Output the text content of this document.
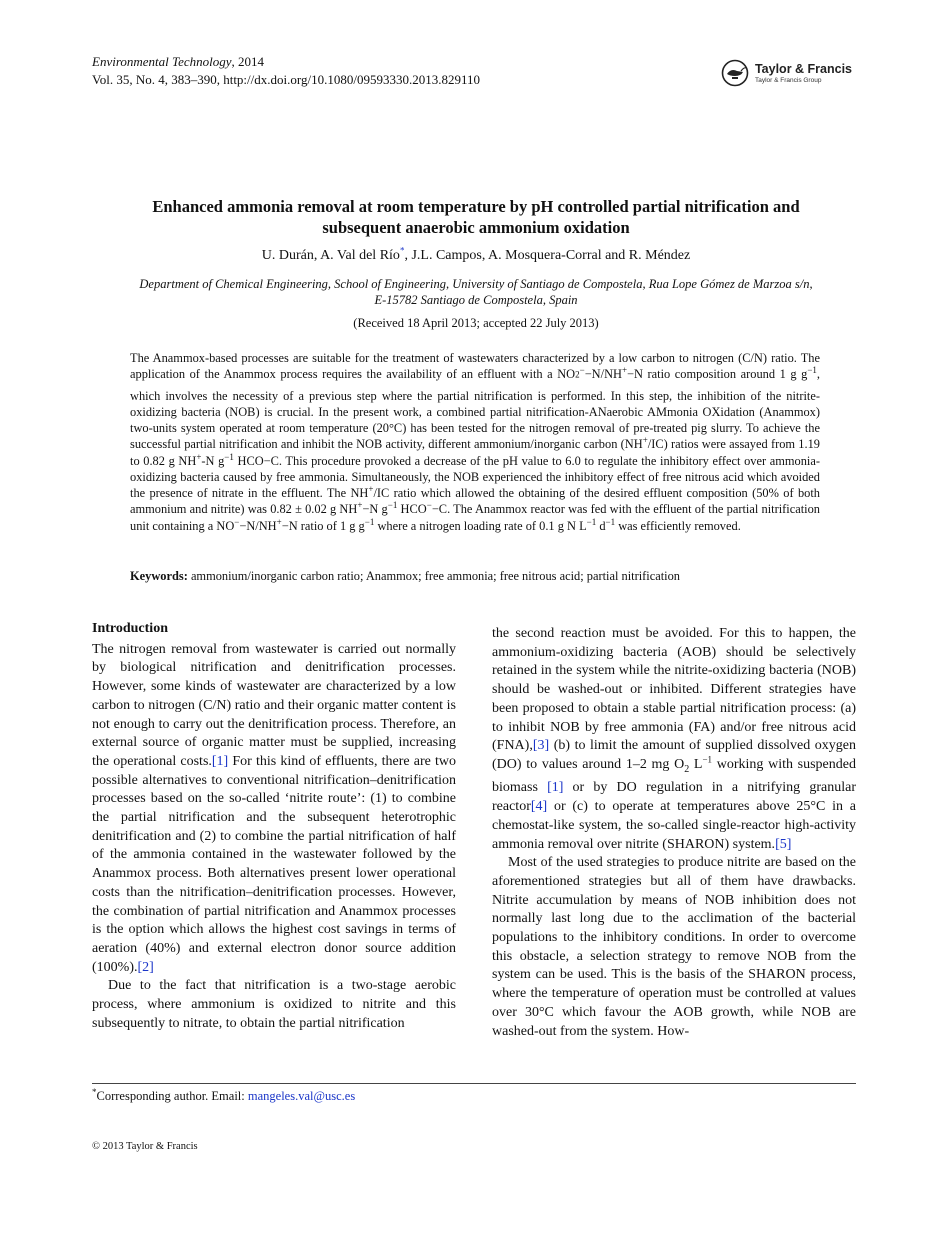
Environmental Technology, 2014
Vol. 35, No. 4, 383–390, http://dx.doi.org/10.1080/09593330.2013.829110
Taylor & Francis
Taylor & Francis Group
Enhanced ammonia removal at room temperature by pH controlled partial nitrification and
subsequent anaerobic ammonium oxidation
U. Durán, A. Val del Río*, J.L. Campos, A. Mosquera-Corral and R. Méndez
Department of Chemical Engineering, School of Engineering, University of Santiago de Compostela, Rua Lope Gómez de Marzoa s/n,
E-15782 Santiago de Compostela, Spain
(Received 18 April 2013; accepted 22 July 2013)
The Anammox-based processes are suitable for the treatment of wastewaters characterized by a low carbon to nitrogen (C/N) ratio. The application of the Anammox process requires the availability of an effluent with a $NO_2^--N/NH^+-N$ ratio composition around 1 g $g^{-1}$, which involves the necessity of a previous step where the partial nitrification is performed. In this step, the inhibition of the nitrite-oxidizing bacteria (NOB) is crucial. In the present work, a combined partial nitrification-ANaerobic AMmonia OXidation (Anammox) two-units system operated at room temperature (20°C) has been tested for the nitrogen removal of pre-treated pig slurry. To achieve the successful partial nitrification and inhibit the NOB activity, different ammonium/inorganic carbon (NH+/IC) ratios were assayed from 1.19 to 0.82 g NH+-N $g^{-1}$ HCO−C. This procedure provoked a decrease of the pH value to 6.0 to regulate the inhibitory effect over ammonia-oxidizing bacteria caused by free ammonia. Simultaneously, the NOB experienced the inhibitory effect of free nitrous acid which avoided the presence of nitrate in the effluent. The NH+/IC ratio which allowed the obtaining of the desired effluent composition (50% of both ammonium and nitrite) was 0.82 ± 0.02 g NH+−N $g^{-1}$ HCO−−C. The Anammox reactor was fed with the effluent of the partial nitrification unit containing a NO−−N/NH+−N ratio of 1 g $g^{-1}$ where a nitrogen loading rate of 0.1 g N $L^{-1}$ $d^{-1}$ was efficiently removed.
Keywords: ammonium/inorganic carbon ratio; Anammox; free ammonia; free nitrous acid; partial nitrification
Introduction

The nitrogen removal from wastewater is carried out normally by biological nitrification and denitrification processes. However, some kinds of wastewater are characterized by a low carbon to nitrogen (C/N) ratio and their organic matter content is not enough to carry out the denitrification process. Therefore, an external source of organic matter must be supplied, increasing the operational costs.[1] For this kind of effluents, there are two possible alternatives to conventional nitrification–denitrification processes based on the so-called ‘nitrite route’: (1) to combine the partial nitrification and the subsequent heterotrophic denitrification and (2) to combine the partial nitrification of half of the ammonia contained in the wastewater followed by the Anammox process. Both alternatives present lower operational costs than the nitrification–denitrification processes. However, the combination of partial nitrification and Anammox processes is the option which allows the highest cost savings in terms of aeration (40%) and external electron donor source addition (100%).[2]

Due to the fact that nitrification is a two-stage aerobic process, where ammonium is oxidized to nitrite and this subsequently to nitrate, to obtain the partial nitrification

the second reaction must be avoided. For this to happen, the ammonium-oxidizing bacteria (AOB) should be selectively retained in the system while the nitrite-oxidizing bacteria (NOB) should be washed-out or inhibited. Different strategies have been proposed to obtain a stable partial nitrification process: (a) to inhibit NOB by free ammonia (FA) and/or free nitrous acid (FNA),[3] (b) to limit the amount of supplied dissolved oxygen (DO) to values around 1–2 mg $O_2$ $L^{-1}$ working with suspended biomass [1] or by DO regulation in a nitrifying granular reactor[4] or (c) to operate at temperatures above 25°C in a chemostat-like system, the so-called single-reactor high-activity ammonia removal over nitrite (SHARON) system.[5]

Most of the used strategies to produce nitrite are based on the aforementioned strategies but all of them have drawbacks. Nitrite accumulation by means of NOB inhibition does not normally last long due to the acclimation of the bacterial populations to the inhibitory conditions. In order to overcome this obstacle, a selection strategy to remove NOB from the system can be used. This is the basis of the SHARON process, where the temperature of operation must be controlled at values over 30°C which favour the AOB growth, while NOB are washed-out from the system. How-

*Corresponding author. Email: mangeles.val@usc.es
© 2013 Taylor & Francis
